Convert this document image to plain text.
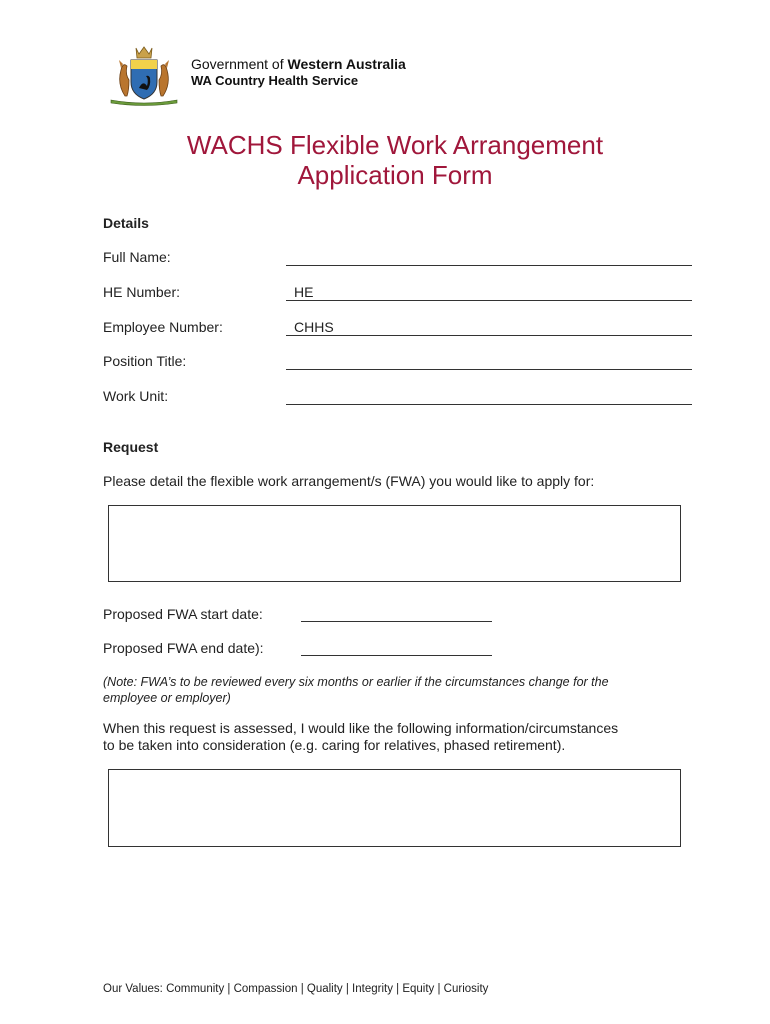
Government of Western Australia
WA Country Health Service
WACHS Flexible Work Arrangement
Application Form
Details
Full Name:
HE Number:	HE
Employee Number:	CHHS
Position Title:
Work Unit:
Request
Please detail the flexible work arrangement/s (FWA) you would like to apply for:
Proposed FWA start date:
Proposed FWA end date):
(Note: FWA’s to be reviewed every six months or earlier if the circumstances change for the
employee or employer)
When this request is assessed, I would like the following information/circumstances
to be taken into consideration (e.g. caring for relatives, phased retirement).
Our Values: Community | Compassion | Quality | Integrity | Equity | Curiosity
